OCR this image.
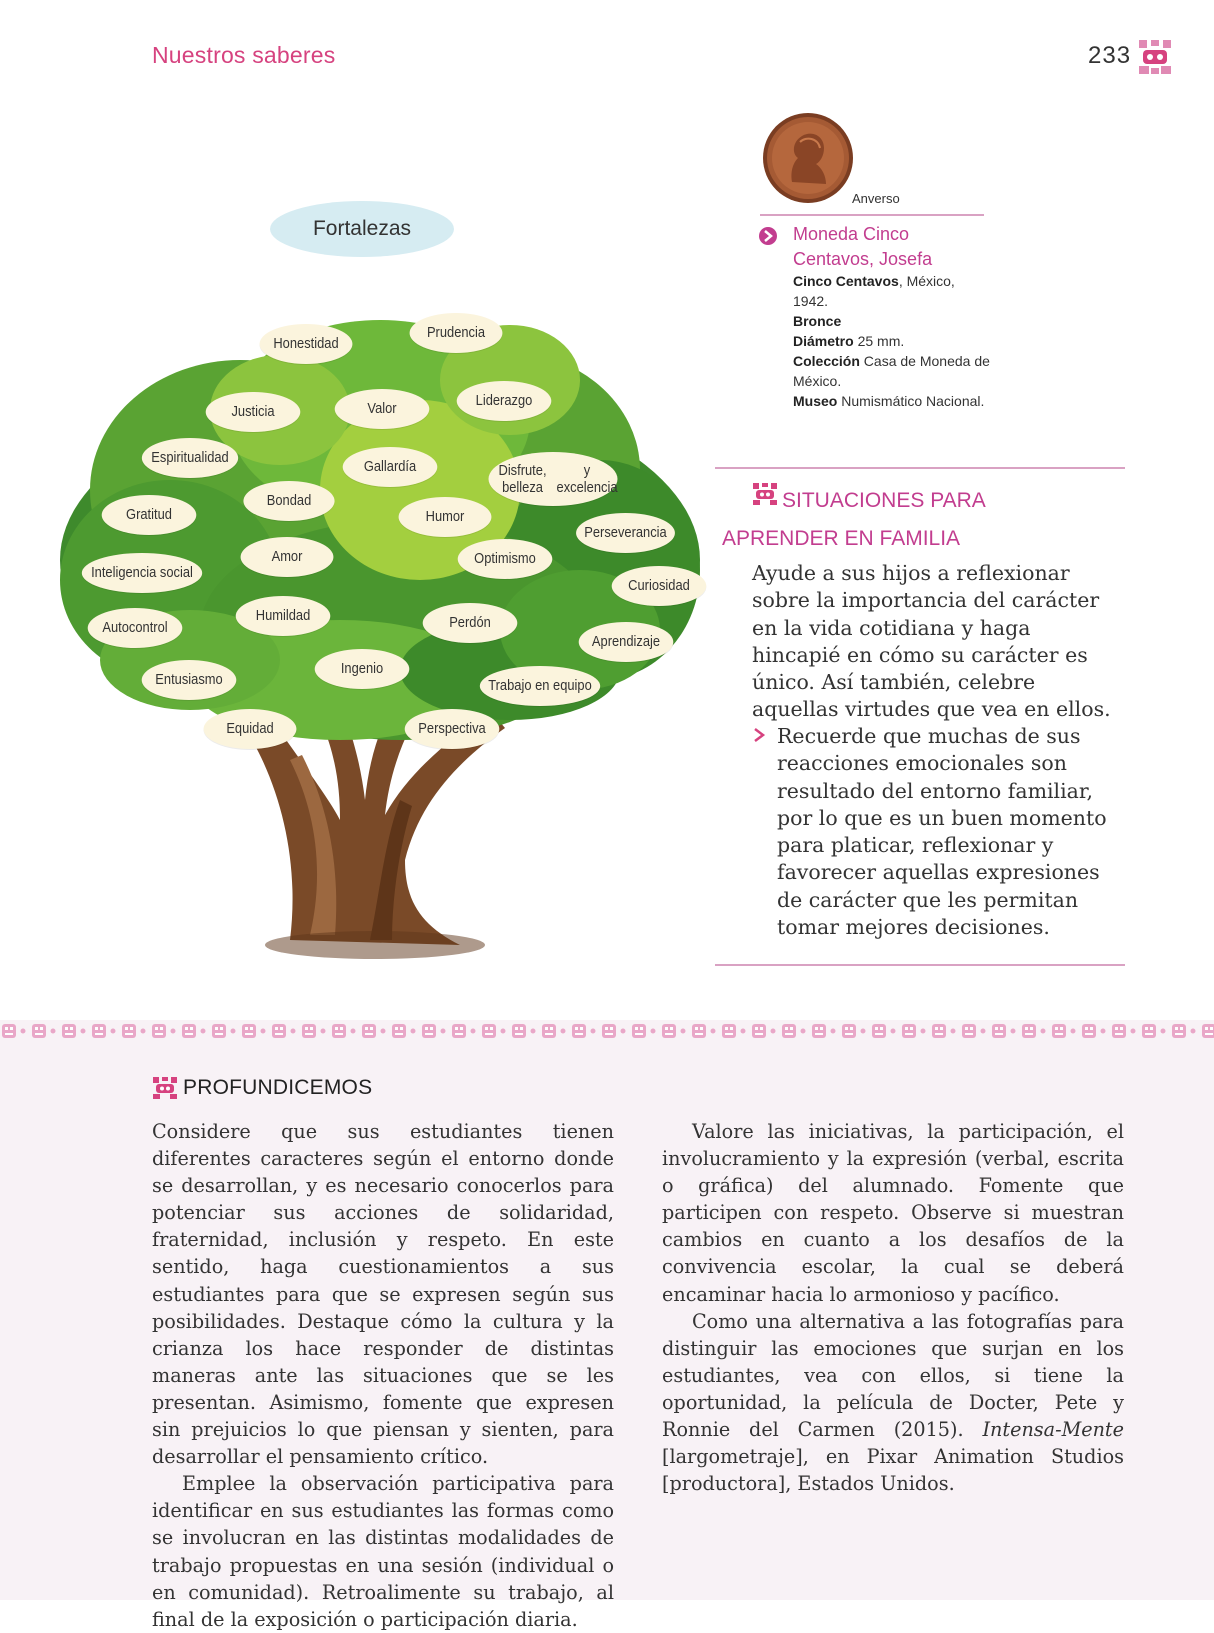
Nuestros saberes	233
Fortalezas
Honestidad
Prudencia
Justicia	Valor	Liderazgo
Espiritualidad
Gallardía	Disfrute, belleza

y excelencia
Gratitud
Bondad
Humor
Perseverancia
Amor	Optimismo
Inteligencia social
Curiosidad
Humildad
Autocontrol	Perdón
Aprendizaje
Ingenio
Entusiasmo	Trabajo en equipo
Equidad	Perspectiva
Anverso
Moneda Cinco
Centavos, Josefa
Cinco Centavos, México, 1942.
Bronce
Diámetro 25 mm.
Colección Casa de Moneda de México.
Museo Numismático Nacional.
SITUACIONES PARA
APRENDER EN FAMILIA
Ayude a sus hijos a reflexionar sobre la importancia del carácter en la vida cotidiana y haga hincapié en cómo su carácter es único. Así también, celebre aquellas virtudes que vea en ellos.
Recuerde que muchas de sus reacciones emocionales son resultado del entorno familiar, por lo que es un buen momento para platicar, reflexionar y favorecer aquellas expresiones de carácter que les permitan tomar mejores decisiones.
PROFUNDICEMOS

Considere que sus estudiantes tienen diferentes caracteres según el entorno donde se desarrollan, y es necesario conocerlos para potenciar sus acciones de solidaridad, fraternidad, inclusión y respeto. En este sentido, haga cuestionamientos a sus estudiantes para que se expresen según sus posibilidades. Destaque cómo la cultura y la crianza los hace responder de distintas maneras ante las situaciones que se les presentan. Asimismo, fomente que expresen sin prejuicios lo que piensan y sienten, para desarrollar el pensamiento crítico.

Emplee la observación participativa para identificar en sus estudiantes las formas como se involucran en las distintas modalidades de trabajo propuestas en una sesión (individual o en comunidad). Retroalimente su trabajo, al final de la exposición o participación diaria.

Valore las iniciativas, la participación, el involucramiento y la expresión (verbal, escrita o gráfica) del alumnado. Fomente que participen con respeto. Observe si muestran cambios en cuanto a los desafíos de la convivencia escolar, la cual se deberá encaminar hacia lo armonioso y pacífico.

Como una alternativa a las fotografías para distinguir las emociones que surjan en los estudiantes, vea con ellos, si tiene la oportunidad, la película de Docter, Pete y Ronnie del Carmen (2015). Intensa-Mente [largometraje], en Pixar Animation Studios [productora], Estados Unidos.
